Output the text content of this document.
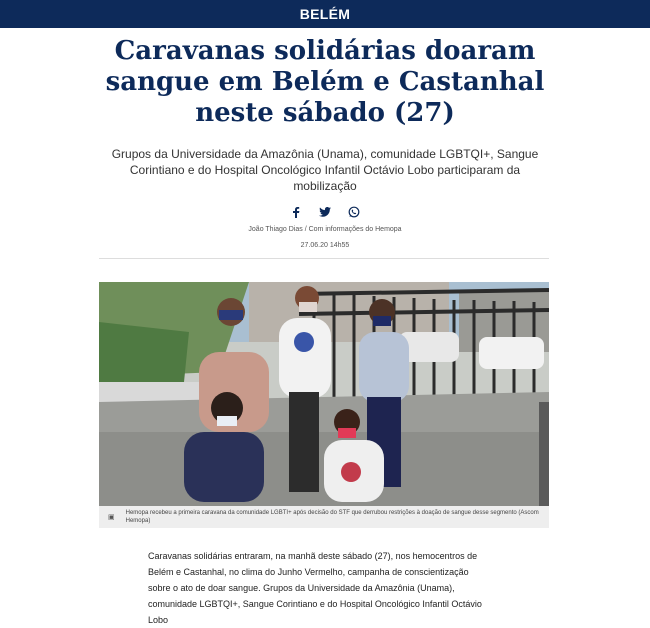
BELÉM
Caravanas solidárias doaram sangue em Belém e Castanhal neste sábado (27)

Grupos da Universidade da Amazônia (Unama), comunidade LGBTQI+, Sangue Corintiano e do Hospital Oncológico Infantil Octávio Lobo participaram da mobilização

João Thiago Dias / Com informações do Hemopa
27.06.20 14h55
▣
Hemopa recebeu a primeira caravana da comunidade LGBTI+ após decisão do STF que derrubou restrições à doação de sangue desse segmento (Ascom Hemopa)

Caravanas solidárias entraram, na manhã deste sábado (27), nos hemocentros de Belém e Castanhal, no clima do Junho Vermelho, campanha de conscientização sobre o ato de doar sangue. Grupos da Universidade da Amazônia (Unama), comunidade LGBTQI+, Sangue Corintiano e do Hospital Oncológico Infantil Octávio Lobo
